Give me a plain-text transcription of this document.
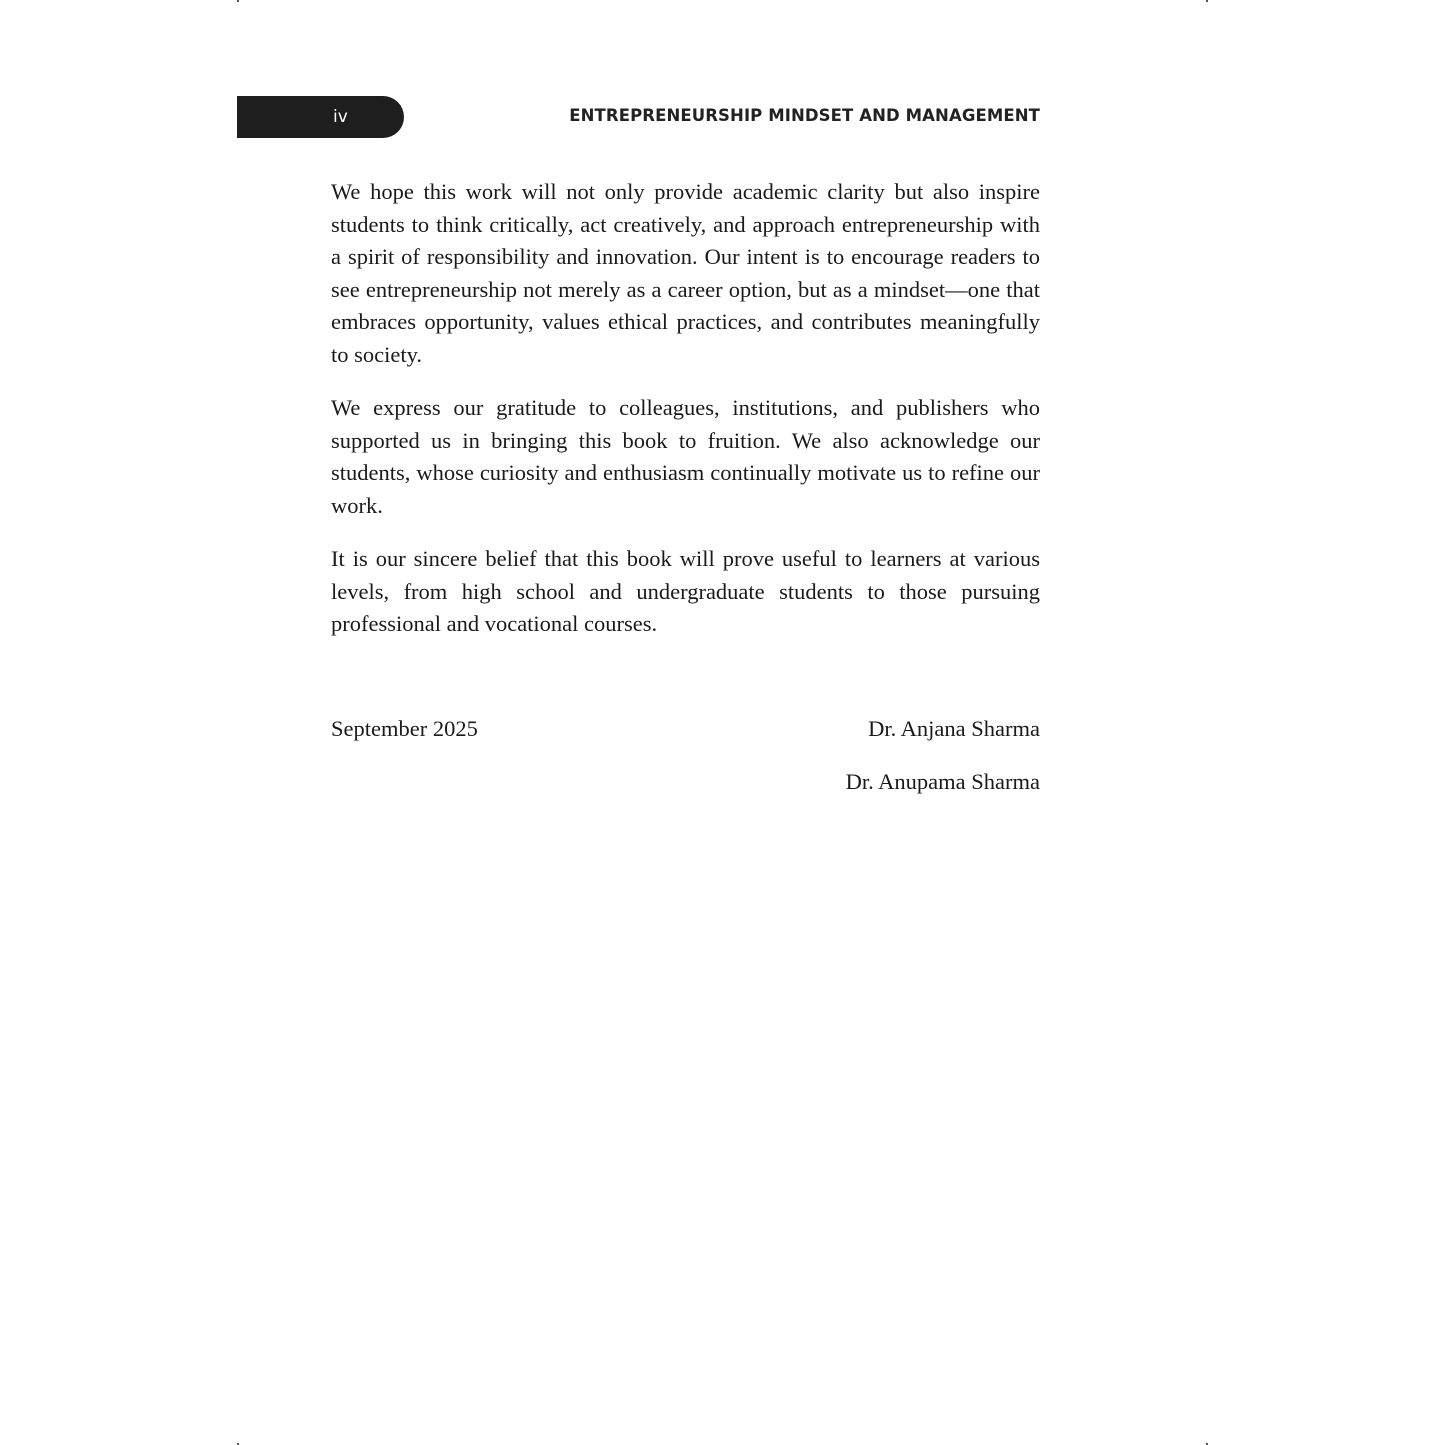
iv	ENTREPRENEURSHIP MINDSET AND MANAGEMENT

We hope this work will not only provide academic clarity but also inspire students to think critically, act creatively, and approach entrepreneurship with a spirit of responsibility and innovation. Our intent is to encourage readers to see entrepreneurship not merely as a career option, but as a mindset—one that embraces opportunity, values ethical practices, and contributes meaningfully to society.

We express our gratitude to colleagues, institutions, and publishers who supported us in bringing this book to fruition. We also acknowledge our students, whose curiosity and enthusiasm continually motivate us to refine our work.

It is our sincere belief that this book will prove useful to learners at various levels, from high school and undergraduate students to those pursuing professional and vocational courses.

September 2025	Dr. Anjana Sharma
Dr. Anupama Sharma
